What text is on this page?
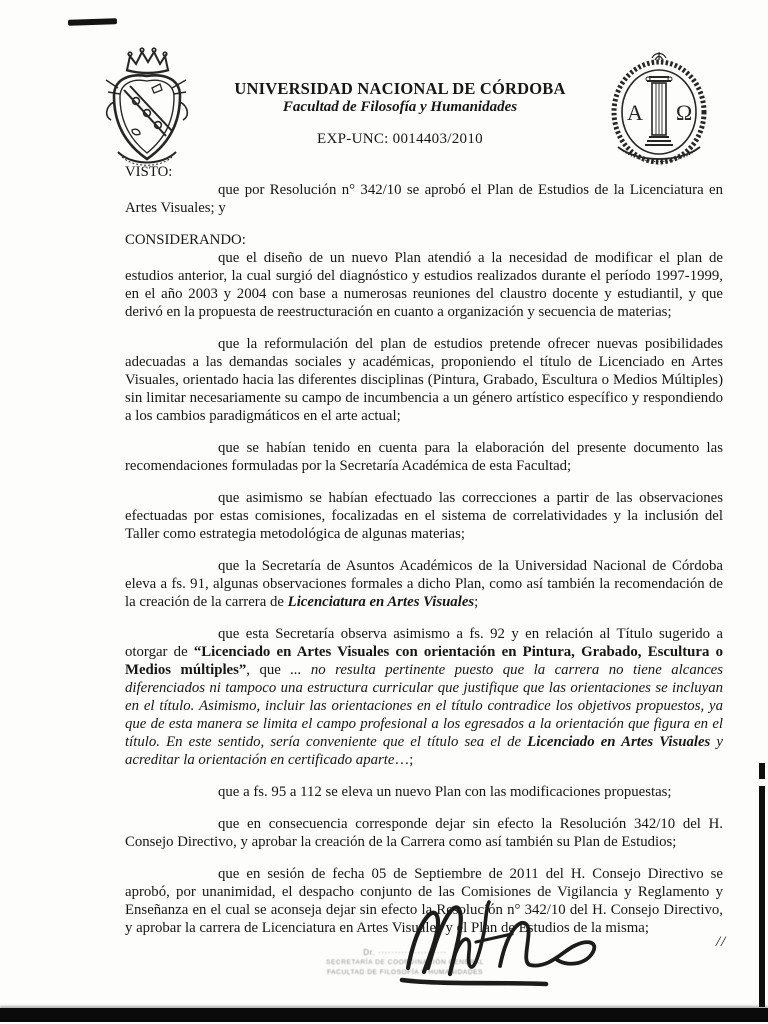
UNIVERSIDAD NACIONAL DE CÓRDOBA
Facultad de Filosofía y Humanidades
EXP-UNC: 0014403/2010
Α Ω

VISTO:

que por Resolución n° 342/10 se aprobó el Plan de Estudios de la Licenciatura en Artes Visuales; y

CONSIDERANDO:

que el diseño de un nuevo Plan atendió a la necesidad de modificar el plan de estudios anterior, la cual surgió del diagnóstico y estudios realizados durante el período 1997-1999, en el año 2003 y 2004 con base a numerosas reuniones del claustro docente y estudiantil, y que derivó en la propuesta de reestructuración en cuanto a organización y secuencia de materias;

que la reformulación del plan de estudios pretende ofrecer nuevas posibilidades adecuadas a las demandas sociales y académicas, proponiendo el título de Licenciado en Artes Visuales, orientado hacia las diferentes disciplinas (Pintura, Grabado, Escultura o Medios Múltiples) sin limitar necesariamente su campo de incumbencia a un género artístico específico y respondiendo a los cambios paradigmáticos en el arte actual;

que se habían tenido en cuenta para la elaboración del presente documento las recomendaciones formuladas por la Secretaría Académica de esta Facultad;

que asimismo se habían efectuado las correcciones a partir de las observaciones efectuadas por estas comisiones, focalizadas en el sistema de correlatividades y la inclusión del Taller como estrategia metodológica de algunas materias;

que la Secretaría de Asuntos Académicos de la Universidad Nacional de Córdoba eleva a fs. 91, algunas observaciones formales a dicho Plan, como así también la recomendación de la creación de la carrera de Licenciatura en Artes Visuales;

que esta Secretaría observa asimismo a fs. 92 y en relación al Título sugerido a otorgar de “Licenciado en Artes Visuales con orientación en Pintura, Grabado, Escultura o Medios múltiples”, que ... no resulta pertinente puesto que la carrera no tiene alcances diferenciados ni tampoco una estructura curricular que justifique que las orientaciones se incluyan en el título. Asimismo, incluir las orientaciones en el título contradice los objetivos propuestos, ya que de esta manera se limita el campo profesional a los egresados a la orientación que figura en el título. En este sentido, sería conveniente que el título sea el de Licenciado en Artes Visuales y acreditar la orientación en certificado aparte…;

que a fs. 95 a 112 se eleva un nuevo Plan con las modificaciones propuestas;

que en consecuencia corresponde dejar sin efecto la Resolución 342/10 del H. Consejo Directivo, y aprobar la creación de la Carrera como así también su Plan de Estudios;

que en sesión de fecha 05 de Septiembre de 2011 del H. Consejo Directivo se aprobó, por unanimidad, el despacho conjunto de las Comisiones de Vigilancia y Reglamento y Enseñanza en el cual se aconseja dejar sin efecto la Resolución n° 342/10 del H. Consejo Directivo, y aprobar la carrera de Licenciatura en Artes Visuales y el Plan de Estudios de la misma;

Dr. ·····················
SECRETARÍA DE COORDINACIÓN GENERAL
FACULTAD DE FILOSOFÍA Y HUMANIDADES
//
